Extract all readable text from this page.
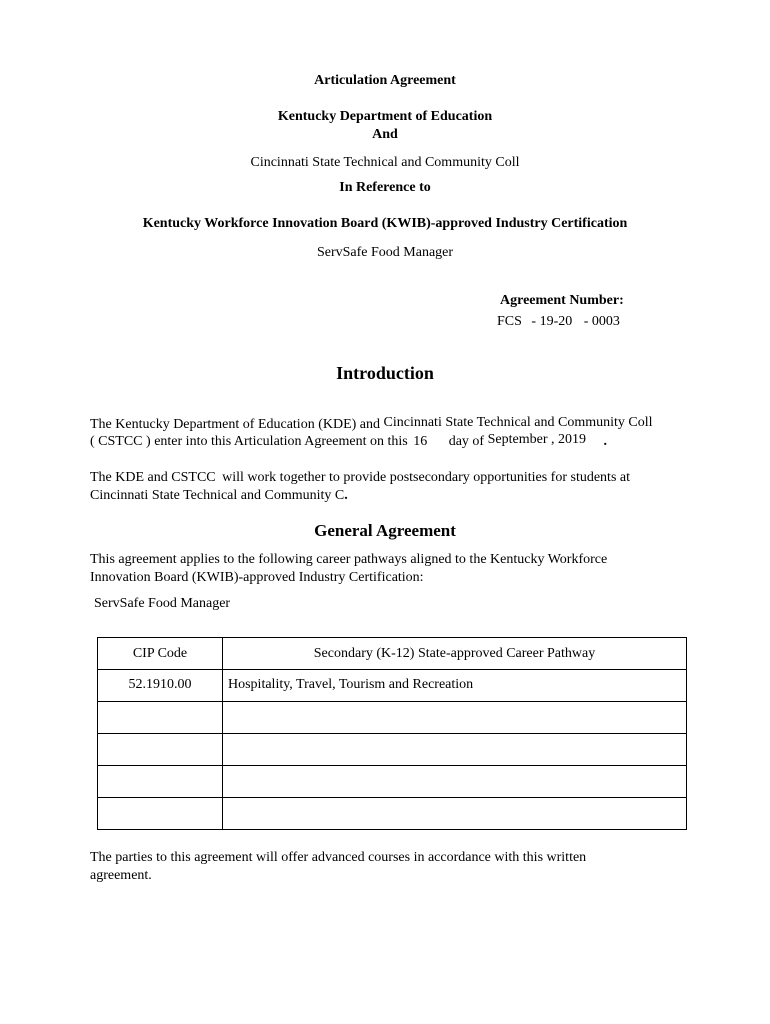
Articulation Agreement
Kentucky Department of Education
And
Cincinnati State Technical and Community Coll
In Reference to
Kentucky Workforce Innovation Board (KWIB)-approved Industry Certification
ServSafe Food Manager
Agreement Number:
FCS - 19-20 - 0003
Introduction
The Kentucky Department of Education (KDE) and Cincinnati State Technical and Community Coll
( CSTCC ) enter into this Articulation Agreement on this 16 day of September , 2019 .
The KDE and CSTCC will work together to provide postsecondary opportunities for students at
Cincinnati State Technical and Community C.
General Agreement
This agreement applies to the following career pathways aligned to the Kentucky Workforce
Innovation Board (KWIB)-approved Industry Certification:
ServSafe Food Manager
CIP Code	Secondary (K-12) State-approved Career Pathway
52.1910.00	Hospitality, Travel, Tourism and Recreation

The parties to this agreement will offer advanced courses in accordance with this written
agreement.
